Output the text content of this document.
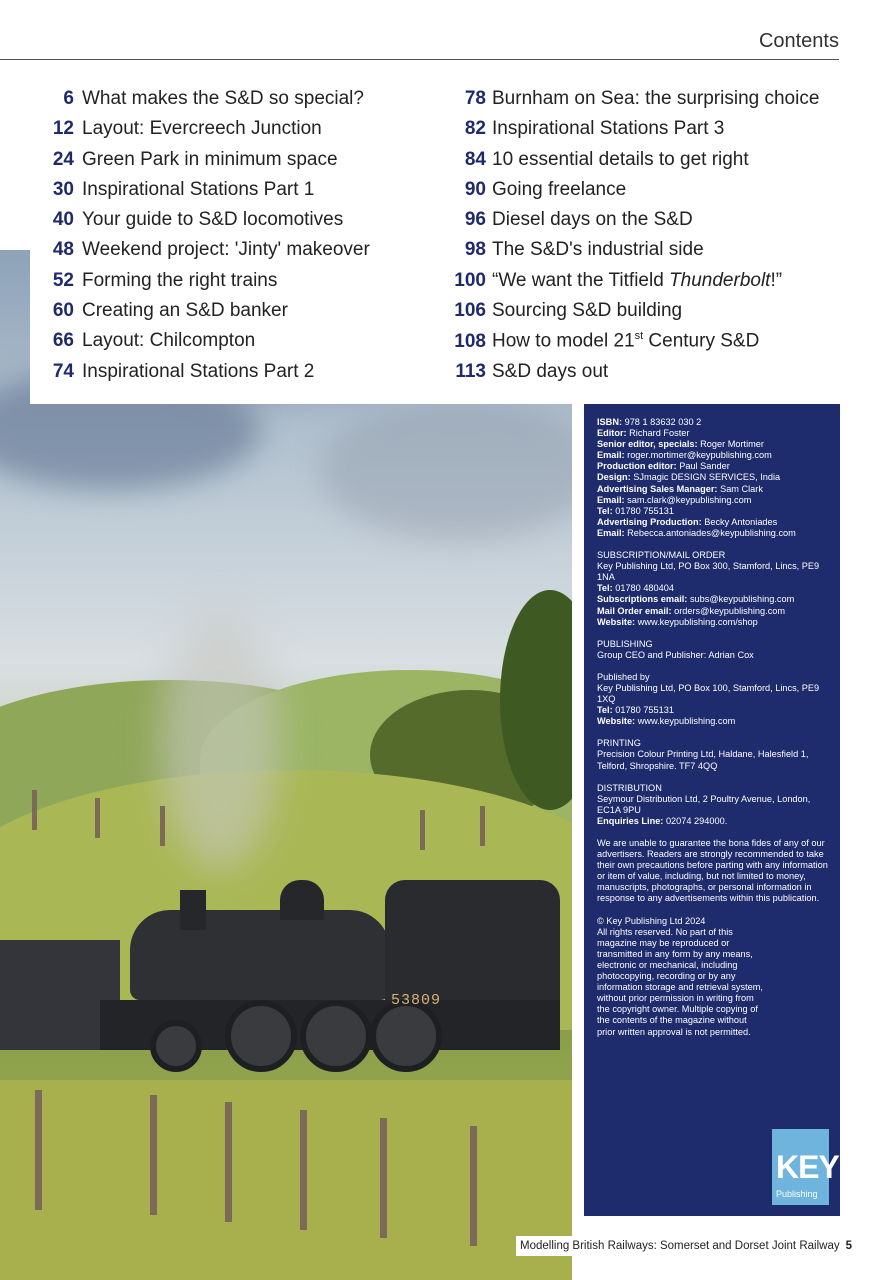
53809
Contents
6 What makes the S&D so special?
12 Layout: Evercreech Junction
24 Green Park in minimum space
30 Inspirational Stations Part 1
40 Your guide to S&D locomotives
48 Weekend project: 'Jinty' makeover
52 Forming the right trains
60 Creating an S&D banker
66 Layout: Chilcompton
74 Inspirational Stations Part 2
78 Burnham on Sea: the surprising choice
82 Inspirational Stations Part 3
84 10 essential details to get right
90 Going freelance
96 Diesel days on the S&D
98 The S&D's industrial side
100 “We want the Titfield Thunderbolt!”
106 Sourcing S&D building
108 How to model 21st Century S&D
113 S&D days out

ISBN: 978 1 83632 030 2

Editor: Richard Foster

Senior editor, specials: Roger Mortimer

Email: roger.mortimer@keypublishing.com

Production editor: Paul Sander

Design: SJmagic DESIGN SERVICES, India

Advertising Sales Manager: Sam Clark

Email: sam.clark@keypublishing.com

Tel: 01780 755131

Advertising Production: Becky Antoniades

Email: Rebecca.antoniades@keypublishing.com

SUBSCRIPTION/MAIL ORDER

Key Publishing Ltd, PO Box 300, Stamford, Lincs, PE9 1NA

Tel: 01780 480404

Subscriptions email: subs@keypublishing.com

Mail Order email: orders@keypublishing.com

Website: www.keypublishing.com/shop

PUBLISHING

Group CEO and Publisher: Adrian Cox

Published by

Key Publishing Ltd, PO Box 100, Stamford, Lincs, PE9 1XQ

Tel: 01780 755131

Website: www.keypublishing.com

PRINTING

Precision Colour Printing Ltd, Haldane, Halesfield 1, Telford, Shropshire. TF7 4QQ

DISTRIBUTION

Seymour Distribution Ltd, 2 Poultry Avenue, London, EC1A 9PU

Enquiries Line: 02074 294000.

We are unable to guarantee the bona fides of any of our advertisers. Readers are strongly recommended to take their own precautions before parting with any information or item of value, including, but not limited to money, manuscripts, photographs, or personal information in response to any advertisements within this publication.

© Key Publishing Ltd 2024

All rights reserved. No part of this magazine may be reproduced or transmitted in any form by any means, electronic or mechanical, including photocopying, recording or by any information storage and retrieval system, without prior permission in writing from the copyright owner. Multiple copying of the contents of the magazine without prior written approval is not permitted.

KEY
Publishing
Modelling British Railways: Somerset and Dorset Joint Railway 5
